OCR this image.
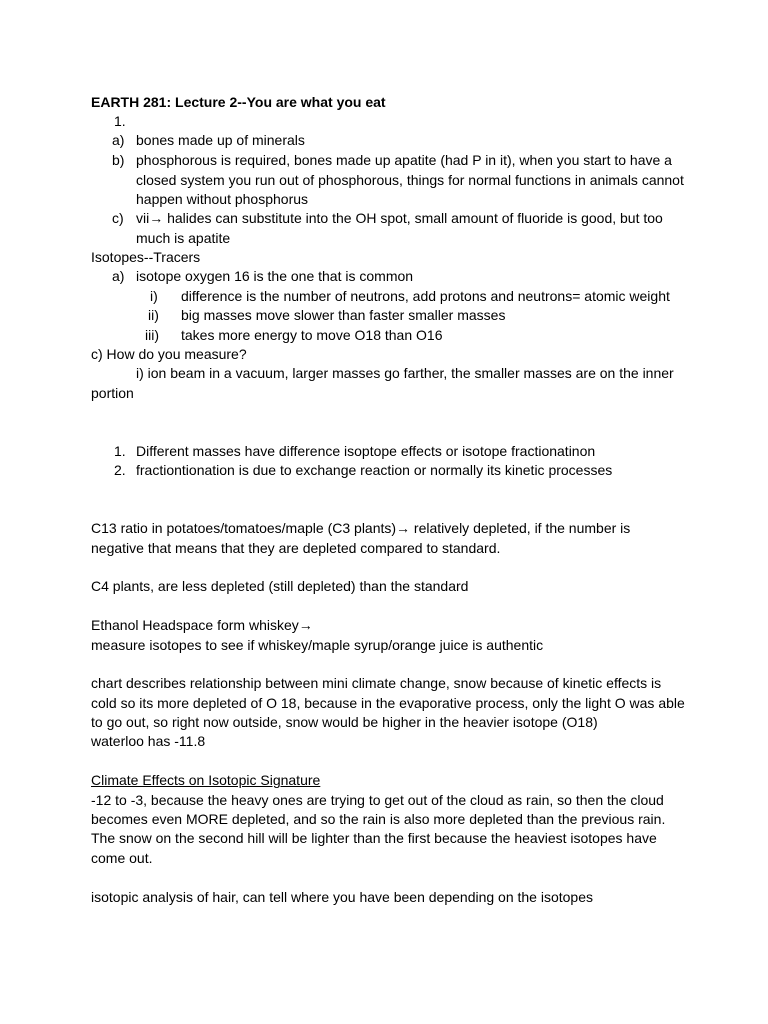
EARTH 281: Lecture 2--You are what you eat
1.
a) bones made up of minerals
b) phosphorous is required, bones made up apatite (had P in it), when you start to have a
closed system you run out of phosphorous, things for normal functions in animals cannot
happen without phosphorus
c) vii→ halides can substitute into the OH spot, small amount of fluoride is good, but too
much is apatite
Isotopes--Tracers
a) isotope oxygen 16 is the one that is common
i) difference is the number of neutrons, add protons and neutrons= atomic weight
ii) big masses move slower than faster smaller masses
iii) takes more energy to move O18 than O16
c) How do you measure?
i) ion beam in a vacuum, larger masses go farther, the smaller masses are on the inner
portion
1. Different masses have difference isoptope effects or isotope fractionatinon
2. fractiontionation is due to exchange reaction or normally its kinetic processes
C13 ratio in potatoes/tomatoes/maple (C3 plants)→ relatively depleted, if the number is
negative that means that they are depleted compared to standard.
C4 plants, are less depleted (still depleted) than the standard
Ethanol Headspace form whiskey→
measure isotopes to see if whiskey/maple syrup/orange juice is authentic
chart describes relationship between mini climate change, snow because of kinetic effects is
cold so its more depleted of O 18, because in the evaporative process, only the light O was able
to go out, so right now outside, snow would be higher in the heavier isotope (O18)
waterloo has -11.8
Climate Effects on Isotopic Signature
-12 to -3, because the heavy ones are trying to get out of the cloud as rain, so then the cloud
becomes even MORE depleted, and so the rain is also more depleted than the previous rain.
The snow on the second hill will be lighter than the first because the heaviest isotopes have
come out.
isotopic analysis of hair, can tell where you have been depending on the isotopes
